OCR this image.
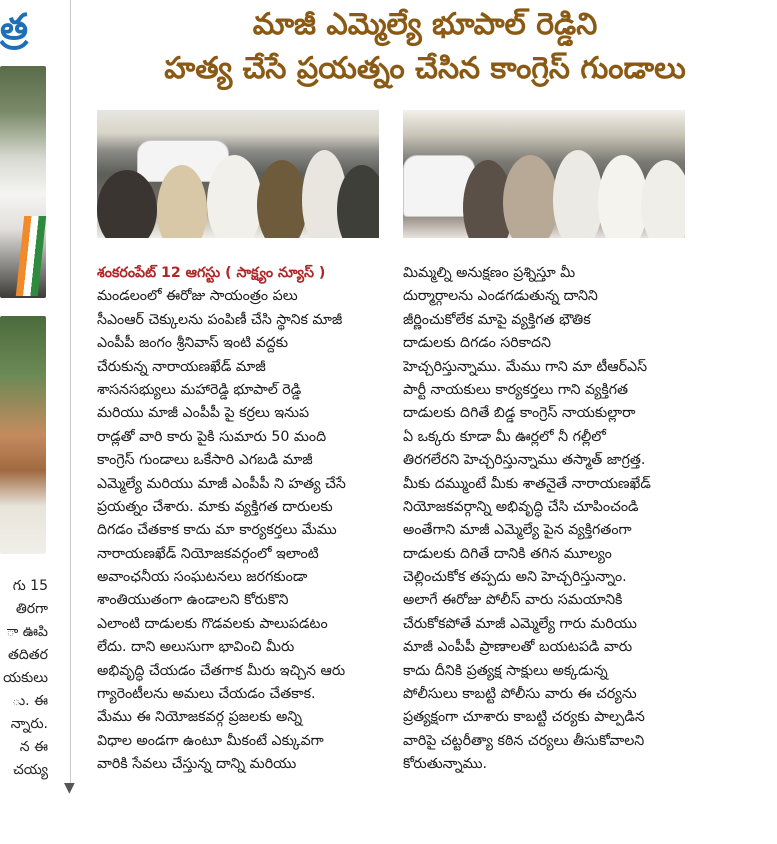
త్ర
గు 15
తిరగా
ా ఊపి
తదితర
యకులు
ు. ఈ
న్నారు.
న ఈ
చయ్య
▼
మాజీ ఎమ్మెల్యే భూపాల్ రెడ్డిని
హత్య చేసే ప్రయత్నం చేసిన కాంగ్రెస్ గుండాలు
శంకరంపేట్ 12 ఆగస్టు ( సాక్ష్యం న్యూస్ )
మండలంలో ఈరోజు సాయంత్రం పలు
సీఎంఆర్ చెక్కులను పంపిణీ చేసి స్థానిక మాజీ
ఎంపీపీ జంగం శ్రీనివాస్ ఇంటి వద్దకు
చేరుకున్న నారాయణఖేడ్ మాజీ
శాసనసభ్యులు మహారెడ్డి భూపాల్ రెడ్డి
మరియు మాజీ ఎంపీపీ పై కర్రలు ఇనుప
రాడ్లతో వారి కారు పైకి సుమారు 50 మంది
కాంగ్రెస్ గుండాలు ఒకేసారి ఎగబడి మాజీ
ఎమ్మెల్యే మరియు మాజీ ఎంపీపీ ని హత్య చేసే
ప్రయత్నం చేశారు. మాకు వ్యక్తిగత దారులకు
దిగడం చేతకాక కాదు మా కార్యకర్తలు మేము
నారాయణఖేడ్ నియోజకవర్గంలో ఇలాంటి
అవాంఛనీయ సంఘటనలు జరగకుండా
శాంతియుతంగా ఉండాలని కోరుకొని
ఎలాంటి దాడులకు గొడవలకు పాలుపడటం
లేదు. దాని అలుసుగా భావించి మీరు
అభివృద్ధి చేయడం చేతగాక మీరు ఇచ్చిన ఆరు
గ్యారెంటీలను అమలు చేయడం చేతకాక.
మేము ఈ నియోజకవర్గ ప్రజలకు అన్ని
విధాల అండగా ఉంటూ మీకంటే ఎక్కువగా
వారికి సేవలు చేస్తున్న దాన్ని మరియు
మిమ్మల్ని అనుక్షణం ప్రశ్నిస్తూ మీ
దుర్మార్గాలను ఎండగడుతున్న దానిని
జీర్ణించుకోలేక మాపై వ్యక్తిగత భౌతిక
దాడులకు దిగడం సరికాదని
హెచ్చరిస్తున్నాము. మేము గాని మా టీఆర్ఎస్
పార్టీ నాయకులు కార్యకర్తలు గాని వ్యక్తిగత
దాడులకు దిగితే బిడ్డ కాంగ్రెస్ నాయకుల్లారా
ఏ ఒక్కరు కూడా మీ ఊర్లలో నీ గల్లీలో
తిరగలేరని హెచ్చరిస్తున్నాము తస్మాత్ జాగ్రత్త.
మీకు దమ్ముంటే మీకు శాతనైతే నారాయణఖేడ్
నియోజకవర్గాన్ని అభివృద్ధి చేసి చూపించండి
అంతేగాని మాజీ ఎమ్మెల్యే పైన వ్యక్తిగతంగా
దాడులకు దిగితే దానికి తగిన మూల్యం
చెల్లించుకోక తప్పదు అని హెచ్చరిస్తున్నాం.
అలాగే ఈరోజు పోలీస్ వారు సమయానికి
చేరుకోకపోతే మాజీ ఎమ్మెల్యే గారు మరియు
మాజీ ఎంపీపీ ప్రాణాలతో బయటపడి వారు
కాదు దీనికి ప్రత్యక్ష సాక్షులు అక్కడున్న
పోలీసులు కాబట్టి పోలీసు వారు ఈ చర్యను
ప్రత్యక్షంగా చూశారు కాబట్టి చర్యకు పాల్పడిన
వారిపై చట్టరీత్యా కఠిన చర్యలు తీసుకోవాలని
కోరుతున్నాము.
